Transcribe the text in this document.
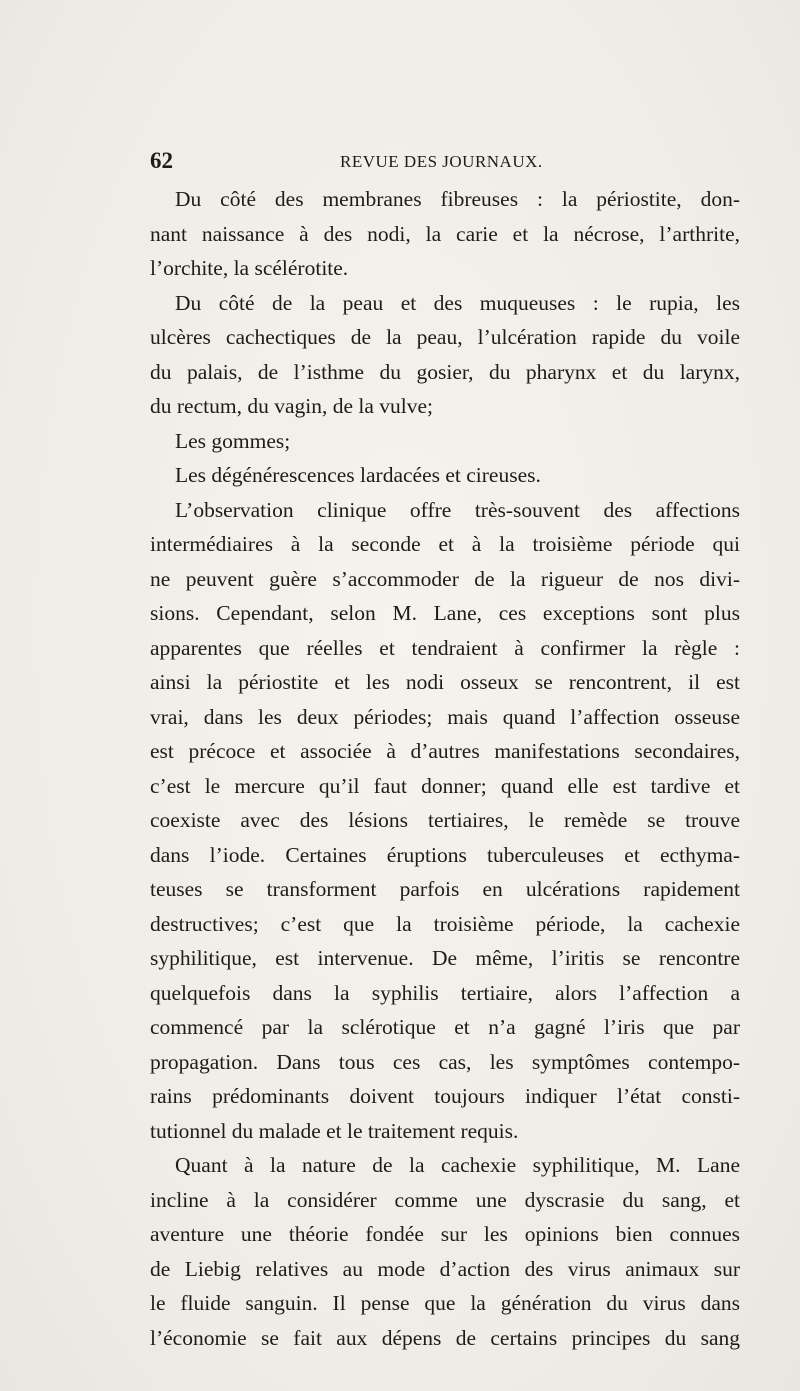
62	REVUE DES JOURNAUX.
Du côté des membranes fibreuses : la périostite, don-
nant naissance à des nodi, la carie et la nécrose, l’arthrite,
l’orchite, la scélérotite.
Du côté de la peau et des muqueuses : le rupia, les
ulcères cachectiques de la peau, l’ulcération rapide du voile
du palais, de l’isthme du gosier, du pharynx et du larynx,
du rectum, du vagin, de la vulve;
Les gommes;
Les dégénérescences lardacées et cireuses.
L’observation clinique offre très-souvent des affections
intermédiaires à la seconde et à la troisième période qui
ne peuvent guère s’accommoder de la rigueur de nos divi-
sions. Cependant, selon M. Lane, ces exceptions sont plus
apparentes que réelles et tendraient à confirmer la règle :
ainsi la périostite et les nodi osseux se rencontrent, il est
vrai, dans les deux périodes; mais quand l’affection osseuse
est précoce et associée à d’autres manifestations secondaires,
c’est le mercure qu’il faut donner; quand elle est tardive et
coexiste avec des lésions tertiaires, le remède se trouve
dans l’iode. Certaines éruptions tuberculeuses et ecthyma-
teuses se transforment parfois en ulcérations rapidement
destructives; c’est que la troisième période, la cachexie
syphilitique, est intervenue. De même, l’iritis se rencontre
quelquefois dans la syphilis tertiaire, alors l’affection a
commencé par la sclérotique et n’a gagné l’iris que par
propagation. Dans tous ces cas, les symptômes contempo-
rains prédominants doivent toujours indiquer l’état consti-
tutionnel du malade et le traitement requis.
Quant à la nature de la cachexie syphilitique, M. Lane
incline à la considérer comme une dyscrasie du sang, et
aventure une théorie fondée sur les opinions bien connues
de Liebig relatives au mode d’action des virus animaux sur
le fluide sanguin. Il pense que la génération du virus dans
l’économie se fait aux dépens de certains principes du sang
